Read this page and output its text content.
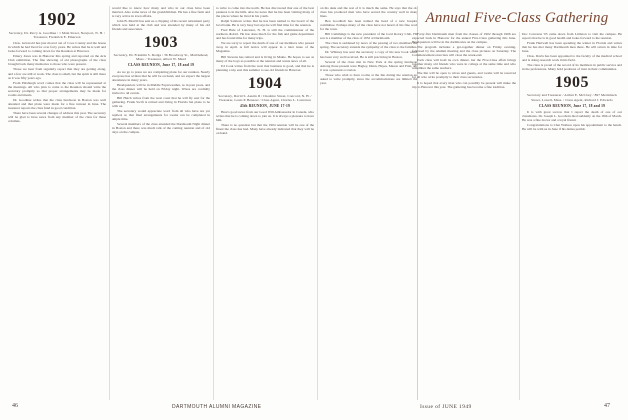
Annual Five-Class Gathering
1902
Secretary, Dr. Percy A. Goodhue / 1 Main Street, Newport, N. H. / Treasurer, Frederick E. Emerson

Chas. Griswold has just moved out of Coos County and the house in which he had lived for over forty years. He writes that he is well and looks forward to coming down for the Reunion at Hanover.

Emery Jones was in Hanover this spring and reported on the Arts Club exhibition. The fine showing of old photographs of the class brought back many memories to those who were present.

Those we hear from regularly report that they are getting along, and a few are still at work. The class is small, but the spirit is still there as it was fifty years ago.

From Pittsburgh word comes that the class will be represented at the meetings. All who plan to come to the Reunion should write the secretary promptly so that proper arrangements may be made for rooms and meals.

Dr. Goodhue writes that the class luncheon in Boston was well attended and that plans were made for a fine turnout in June. The treasurer reports the class fund in good condition.

There have been several changes of address this year. The secretary will be glad to have news from any member of the class for these columns.

would like to know how many and who in our class have been married. Also some news of the grandchildren. He has a fine farm and is very active in town affairs.

John B. Morrill has sent us a clipping of his recent retirement party which was held at the club and was attended by many of his old friends and associates.

1903
Secretary, Dr. Franklin S. Dodge / 36 Broadway St., Marblehead, Mass. / Treasurer, Albert W. Mead
CLASS REUNION, June 17, 18 and 19

As we go to press we are completing plans for our reunion. Nearly everyone has written that he will be on hand, and we expect the largest attendance in many years.

Headquarters will be in Middle Fayerweather, as in past years, and the class dinner will be held on Friday night. Wives are cordially invited to all events.

Bill Hatch writes from the west coast that he will fly east for the gathering. Frank Swift is retired and living in Florida but plans to be with us.

The secretary would appreciate word from all who have not yet replied, so that final arrangements for rooms can be completed in ample time.

Several members of the class attended the Dartmouth Night dinner in Boston and there was much talk of the coming reunion and of old days on the campus.

to write to come into the north. He has discovered that one of the best pastures is in the hills. Also he notes that he has been visiting many of the places where he lived in his youth.

Ralph Sanborn writes that he has been named to the board of the local bank. He is very busy but says he will find time for the reunion.

Fred Hale of Lancaster, N. H. is still the commissioner of the northern district. He has done much for the fish and game department and has found time for many trips.

We are sorry to report the death of one of our members who passed away in April. A full notice will appear in a later issue of the Magazine.

Bill Stevens has retired and is living in Maine. He hopes to see as many of the boys as possible at the reunion and wants news of all.

Ed Cook writes from the west that business is good, and that he is planning a trip east this summer to see old friends in Hanover.

1904
Secretary, David S. Austin II / Cheshire Street, Concord, N. H. / Treasurer, Louis P. Benezet / Class Agent, Charles L. Lawrence
45th REUNION, JUNE 17-19

Here's good news from our Good Will Ambassador in Canada, who writes that he is coming down to join us. It is always a pleasure to have him.

There is no question but that the 1904 reunion will be one of the finest the class has had. Many have already indicated that they will be on hand.

on his desk and the rest of it is much the same. He says that the old class has produced men who have served the country well in many lines.

Ben Goodhall has been named the head of a new hospital committee. Perhaps many of the class have not heard of his fine work for the town.

Bill Cummings is the new president of the local Rotary Club. His son is a member of the class of 1952 at Dartmouth.

The class is saddened by news of the passing of two members this spring. The secretary extends the sympathy of the class to the families.

Dr. Whitney has sent the secretary a copy of his new book which has been very well received. He is still practicing in Boston.

Several of the class met in New York at the spring luncheon. Among those present were Bagley, Dunn, Hayes, Mason and Pratt, and it was a pleasant occasion.

Those who wish to have rooms at the Inn during the reunion are asked to write promptly, since the accommodations are limited this year.

Forty-five Dartmouth men from the classes of 1902 through 1906 are expected back in Hanover for the annual Five-Class gathering this June. Headquarters will be in the dormitories on the campus.

The program includes a get-together dinner on Friday evening, followed by the Alumni meeting and the class pictures on Saturday. The Commencement exercises will close the week-end.

Each class will hold its own dinner, but the Five-Class affair brings together many old friends who were in college at the same time and who remember the same teachers.

The Inn will be open to wives and guests, and rooms will be reserved for all who write promptly to their class secretaries.

It is hoped that every man who can possibly be present will make the trip to Hanover this year. The gathering has become a fine tradition.

Doc Converse '05 came down from Littleton to visit the campus. He reports that he is in good health and looks forward to the reunion.

Frank Hartwell has been spending the winter in Florida and writes that he has met many Dartmouth men there. He will return in time for June.

Chas. Davis has been appointed to the faculty of the medical school and is doing research work in his field.

The class is proud of the record of its members in public service and in the professions. Many hold positions of trust in their communities.

1905
Secretary and Treasurer / Arthur E. McClary / 897 Merrimack Street, Lowell, Mass. / Class Agent, Richard J. Edwards
CLASS REUNION, June 17, 18 and 19

It is with great sorrow that I report the death of one of our classmates. Dr. Joseph L. Goodwin died suddenly on the 18th of March. He was a fine doctor and a loyal friend.

Congratulations to Chet Wallace upon his appointment to the bench. He will be with us in June if his duties permit.

46	DARTMOUTH ALUMNI MAGAZINE	Issue of JUNE 1949	47
